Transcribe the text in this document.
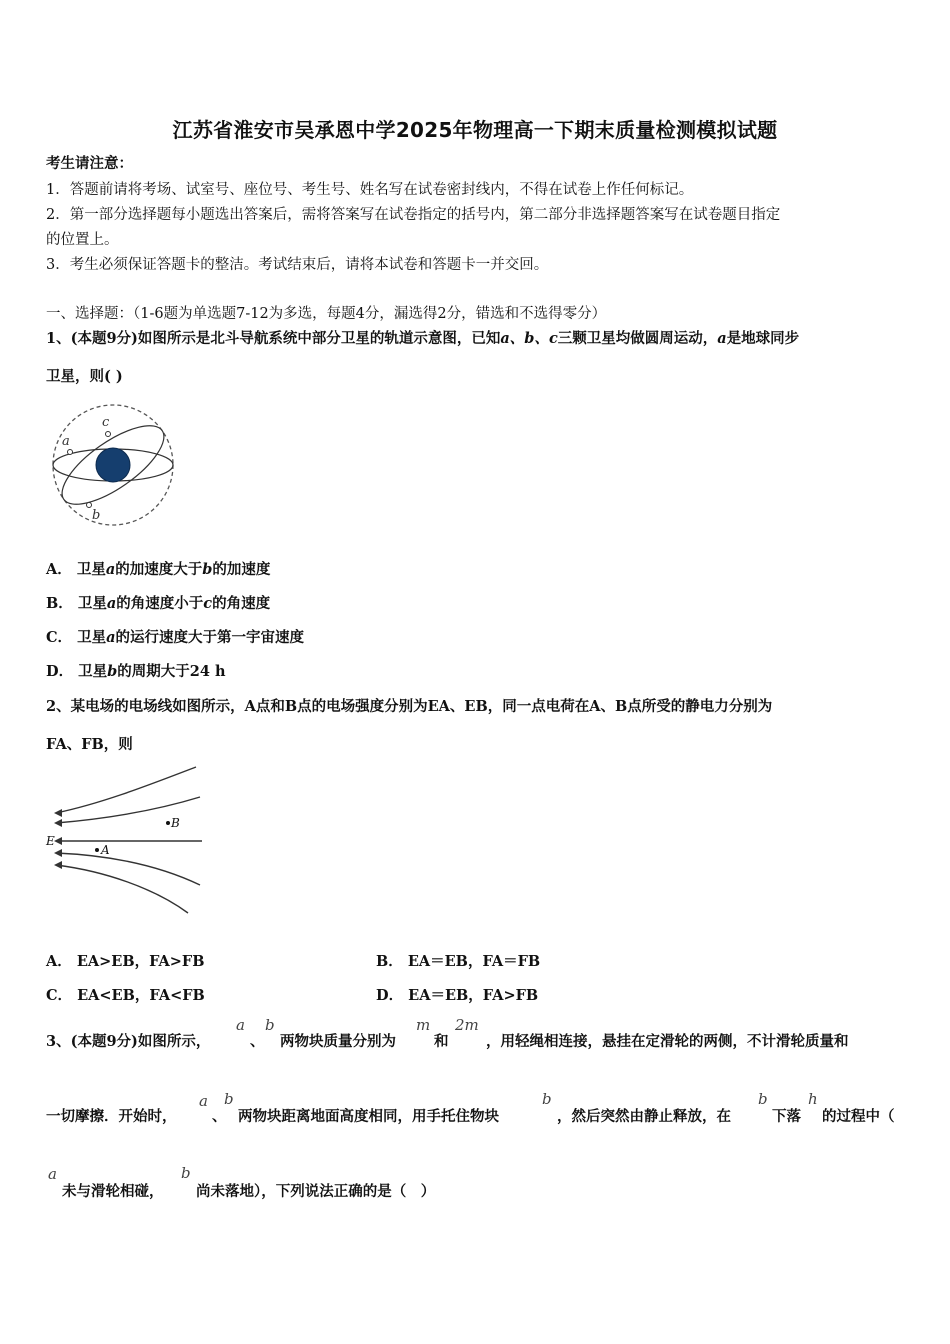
江苏省淮安市吴承恩中学2025年物理高一下期末质量检测模拟试题
考生请注意：
1．答题前请将考场、试室号、座位号、考生号、姓名写在试卷密封线内，不得在试卷上作任何标记。
2．第一部分选择题每小题选出答案后，需将答案写在试卷指定的括号内，第二部分非选择题答案写在试卷题目指定
的位置上。
3．考生必须保证答题卡的整洁。考试结束后，请将本试卷和答题卡一并交回。
一、选择题：（1-6题为单选题7-12为多选，每题4分，漏选得2分，错选和不选得零分）
1、(本题9分)如图所示是北斗导航系统中部分卫星的轨道示意图，已知a、b、c三颗卫星均做圆周运动，a是地球同步
卫星，则( )
a
c
b
A． 卫星a的加速度大于b的加速度
B． 卫星a的角速度小于c的角速度
C． 卫星a的运行速度大于第一宇宙速度
D． 卫星b的周期大于24 h
2、某电场的电场线如图所示，A点和B点的电场强度分别为EA、EB，同一点电荷在A、B点所受的静电力分别为
FA、FB，则
E
B
A
A． EA>EB，FA>FB	B． EA＝EB，FA＝FB
C． EA<EB，FA<FB	D． EA＝EB，FA>FB
3、(本题9分)如图所示，
a
、
b
两物块质量分别为
m
和
2m
，用轻绳相连接，悬挂在定滑轮的两侧，不计滑轮质量和
一切摩擦．开始时，
a
、
b
两物块距离地面高度相同，用手托住物块
b
，然后突然由静止释放，在
b
下落
h
的过程中（
a
未与滑轮相碰，
b
尚未落地），下列说法正确的是（　）
